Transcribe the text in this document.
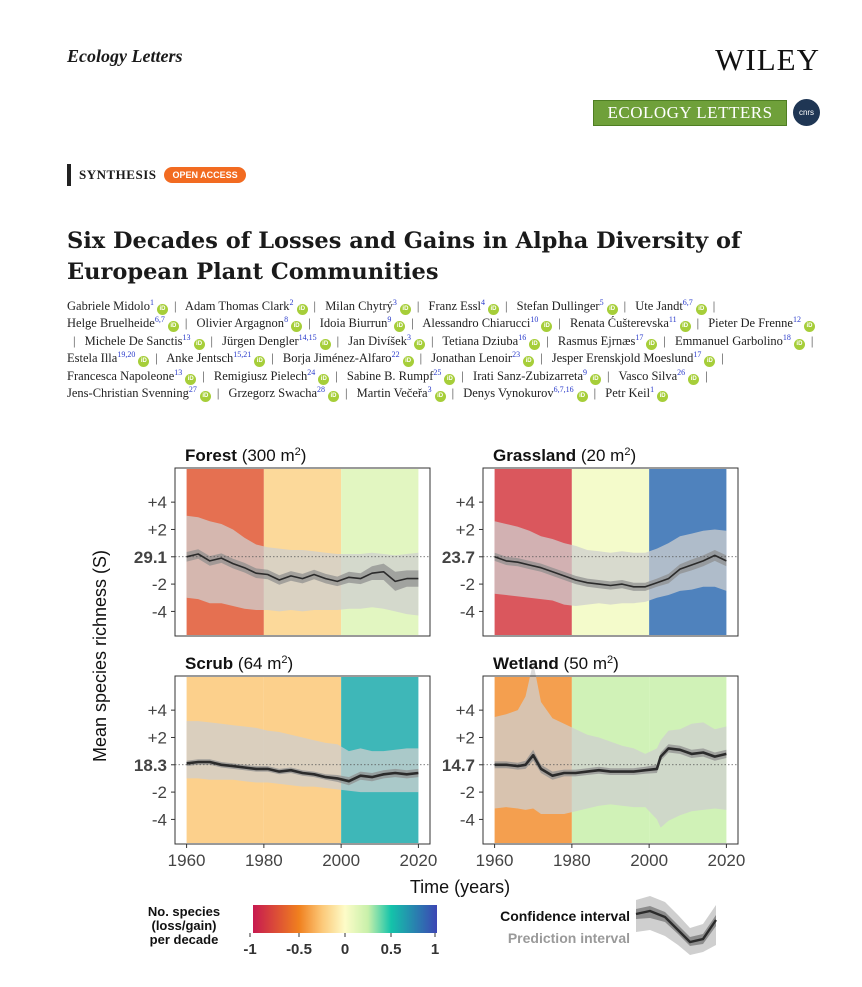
Ecology Letters	WILEY
ECOLOGY LETTERS	cnrs
SYNTHESIS	OPEN ACCESS
Six Decades of Losses and Gains in Alpha Diversity of European Plant Communities
Gabriele Midolo$^1$iD | Adam Thomas Clark$^2$iD | Milan Chytrý$^3$iD | Franz Essl$^4$iD | Stefan Dullinger$^5$iD | Ute Jandt$^{6,7}$iD | Helge Bruelheide$^{6,7}$iD | Olivier Argagnon$^8$iD | Idoia Biurrun$^9$iD | Alessandro Chiarucci$^{10}$iD | Renata Ćušterevska$^{11}$iD | Pieter De Frenne$^{12}$iD| Michele De Sanctis$^{13}$iD | Jürgen Dengler$^{14,15}$iD | Jan Divíšek$^3$iD | Tetiana Dziuba$^{16}$iD | Rasmus Ejrnæs$^{17}$iD | Emmanuel Garbolino$^{18}$iD | Estela Illa$^{19,20}$iD | Anke Jentsch$^{15,21}$iD | Borja Jiménez-Alfaro$^{22}$iD | Jonathan Lenoir$^{23}$iD | Jesper Erenskjold Moeslund$^{17}$iD | Francesca Napoleone$^{13}$iD | Remigiusz Pielech$^{24}$iD | Sabine B. Rumpf$^{25}$iD | Irati Sanz-Zubizarreta$^9$iD | Vasco Silva$^{26}$iD | Jens-Christian Svenning$^{27}$iD | Grzegorz Swacha$^{28}$iD | Martin Večeřa$^3$iD | Denys Vynokurov$^{6,7,16}$iD | Petr Keil$^1$iD
+4
+2
-2
-4
29.1
Forest (300 $m^2$)
+4
+2
-2
-4
23.7
Grassland (20 $m^2$)
+4
+2
-2
-4
18.3
Scrub (64 $m^2$)
1960 1980 2000 2020
+4
+2
-2
-4
14.7
Wetland (50 $m^2$)
1960 1980 2000 2020
Mean species richness (S)
Time (years)
No. species
(loss/gain)
per decade
-1 -0.5 0 0.5 1
Confidence interval
Prediction interval
